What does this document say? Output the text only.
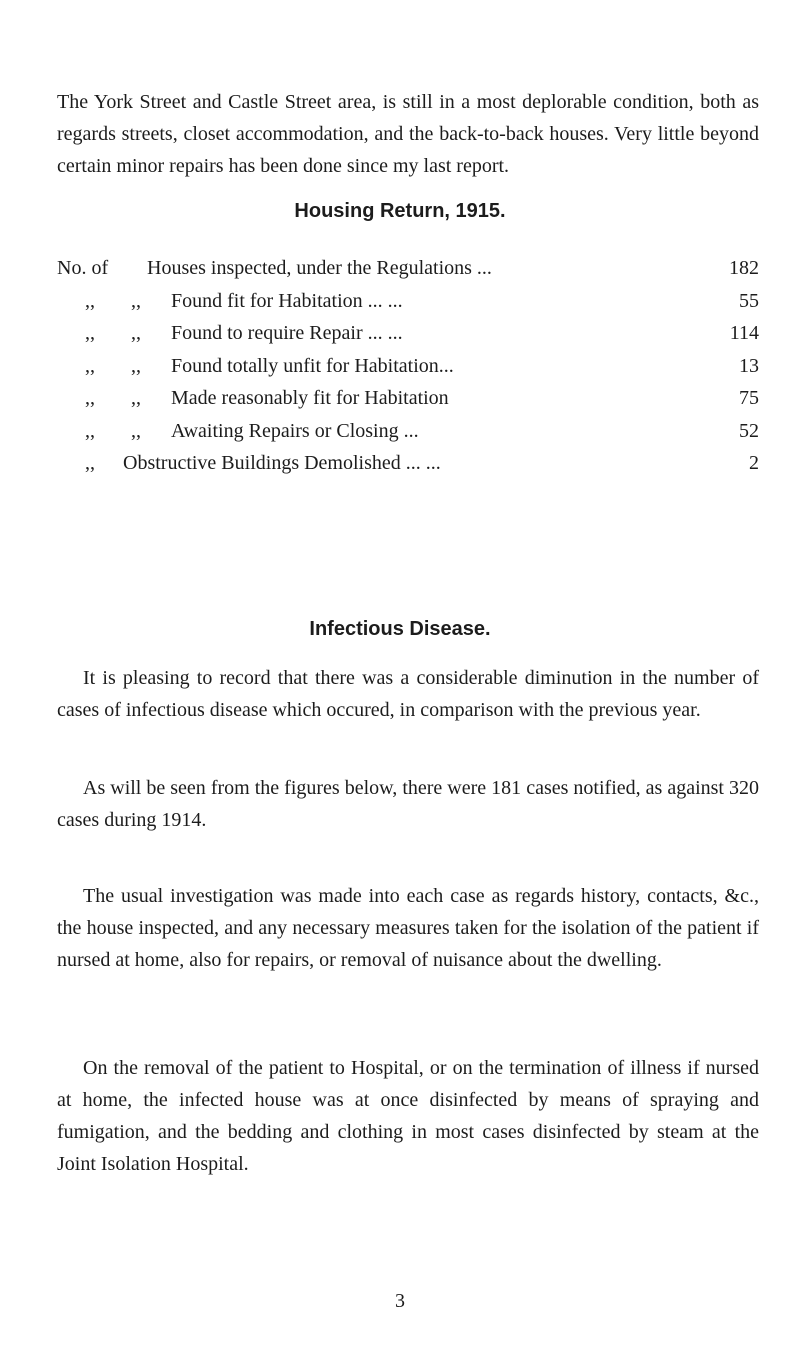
The York Street and Castle Street area, is still in a most deplorable condition, both as regards streets, closet accommodation, and the back-to-back houses. Very little beyond certain minor repairs has been done since my last report.

Housing Return, 1915.
No. of Houses inspected, under the Regulations ...	182
,, ,, Found fit for Habitation ... ...	55
,, ,, Found to require Repair ... ...	114
,, ,, Found totally unfit for Habitation...	13
,, ,, Made reasonably fit for Habitation	75
,, ,, Awaiting Repairs or Closing ...	52
,, Obstructive Buildings Demolished ... ...	2
Infectious Disease.

It is pleasing to record that there was a considerable diminution in the number of cases of infectious disease which occured, in comparison with the previous year.

As will be seen from the figures below, there were 181 cases notified, as against 320 cases during 1914.

The usual investigation was made into each case as regards history, contacts, &c., the house inspected, and any necessary measures taken for the isolation of the patient if nursed at home, also for repairs, or removal of nuisance about the dwelling.

On the removal of the patient to Hospital, or on the termination of illness if nursed at home, the infected house was at once disinfected by means of spraying and fumigation, and the bedding and clothing in most cases disinfected by steam at the Joint Isolation Hospital.

3
